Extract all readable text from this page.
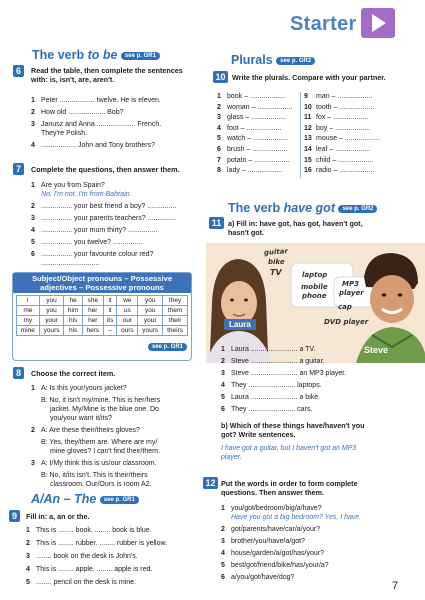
Starter
The verb to be see p. GR1
6	Read the table, then complete the sentences
with: is, isn't, are, aren't.
1 Peter .................. twelve. He is eleven.
2 How old ................... Bob?
3 Janusz and Anna .................... French.
They're Polish.
4 .................. John and Tony brothers?
7	Complete the questions, then answer them.
1 Are you from Spain?
No, I'm not. I'm from Bahrain.
2 ................ your best friend a boy? ...............
3 ................ your parents teachers? ...............
4 ................ your mum thirty? ...............
5 ................ you twelve? ...............
6 ................ your favourite colour red?
..............................
Subject/Object pronouns – Possessive
adjectives – Possessive pronouns
I	you	he	she	it	we	you	they
me	you	him	her	it	us	you	them
my	your	his	her	its	our	your	their
mine	yours	his	hers	–	ours	yours	theirs
see p. GR1
8	Choose the correct item.
1 A: Is this your/yours jacket?
B: No, it isn't my/mine. This is her/hers
jacket. My/Mine is the blue one. Do
you/your want it/its?
2 A: Are these their/theirs gloves?
B: Yes, they/them are. Where are my/
mine gloves? I can't find their/them.
3 A: I/My think this is us/our classroom.
B: No, it/its isn't. This is their/theirs
classroom. Our/Ours is room A2.
A/An – The see p. GR1
9	Fill in: a, an or the.
1 This is ........ book. ........ book is blue.
2 This is ........ rubber. ........ rubber is yellow.
3 ........ book on the desk is John's.
4 This is ........ apple. ........ apple is red.
5 ........ pencil on the desk is mine.
Plurals see p. GR2
10 Write the plurals. Compare with your partner.
1 book – ..................
2 woman – ..................
3 glass – ..................
4 foot – ..................
5 watch – ..................
6 brush – ..................
7 potato – ..................
8 lady – ..................
9 man – ..................
10 tooth – ..................
11 fox – ..................
12 boy – ..................
13 mouse – ..................
14 leaf – ..................
15 child – ..................
16 radio – ..................
The verb have got see p. GR2
11 a) Fill in: have got, has got, haven't got,
hasn't got.
guitar
bike
TV	laptop
mobile
phone
MP3
player
cap
DVD player
Laura
Steve
1 Laura ........................ a TV.
2 Steve ........................ a guitar.
3 Steve ........................ an MP3 player.
4 They ........................ laptops.
5 Laura ........................ a bike.
6 They ........................ cars.
b) Which of these things have/haven't you
got? Write sentences.
I have got a guitar, but I haven't got an MP3
player.
12 Put the words in order to form complete
questions. Then answer them.
1 you/got/bedroom/big/a/have?
Have you got a big bedroom? Yes, I have.
2 got/parents/have/car/a/your?
3 brother/you/have/a/got?
4 house/garden/a/got/has/your?
5 best/got/friend/bike/has/your/a?
6 a/you/got/have/dog?
7
